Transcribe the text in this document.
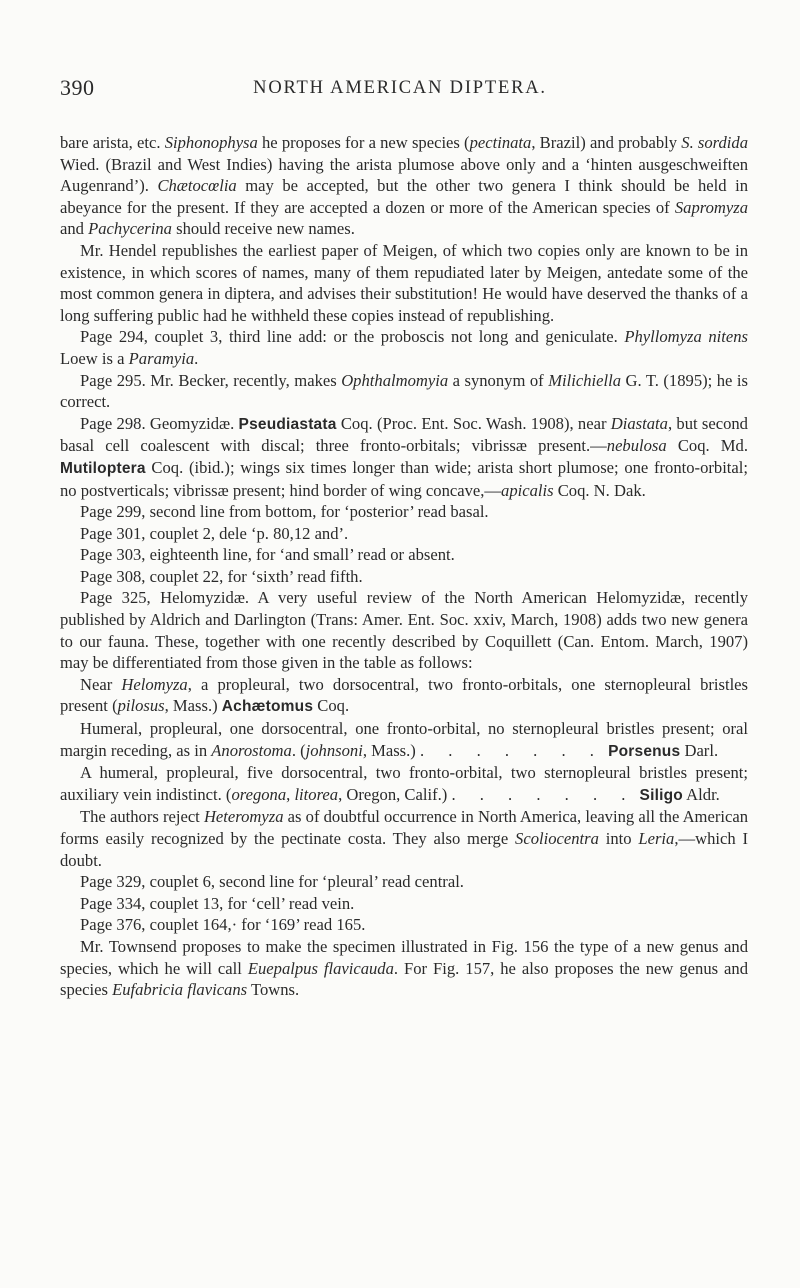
390	NORTH AMERICAN DIPTERA.

bare arista, etc. Siphonophysa he proposes for a new species (pectinata, Brazil) and probably S. sordida Wied. (Brazil and West Indies) having the arista plumose above only and a ‘hinten ausgeschweiften Augenrand’). Chætocœlia may be accepted, but the other two genera I think should be held in abeyance for the present. If they are accepted a dozen or more of the American species of Sapromyza and Pachycerina should receive new names.

Mr. Hendel republishes the earliest paper of Meigen, of which two copies only are known to be in existence, in which scores of names, many of them repudiated later by Meigen, antedate some of the most common genera in diptera, and advises their substitution! He would have deserved the thanks of a long suffering public had he withheld these copies instead of republishing.

Page 294, couplet 3, third line add: or the proboscis not long and geniculate. Phyllomyza nitens Loew is a Paramyia.

Page 295. Mr. Becker, recently, makes Ophthalmomyia a synonym of Milichiella G. T. (1895); he is correct.

Page 298. Geomyzidæ. Pseudiastata Coq. (Proc. Ent. Soc. Wash. 1908), near Diastata, but second basal cell coalescent with discal; three fronto-orbitals; vibrissæ present.—nebulosa Coq. Md. Mutiloptera Coq. (ibid.); wings six times longer than wide; arista short plumose; one fronto-orbital; no postverticals; vibrissæ present; hind border of wing concave,—apicalis Coq. N. Dak.

Page 299, second line from bottom, for ‘posterior’ read basal.

Page 301, couplet 2, dele ‘p. 80,12 and’.

Page 303, eighteenth line, for ‘and small’ read or absent.

Page 308, couplet 22, for ‘sixth’ read fifth.

Page 325, Helomyzidæ. A very useful review of the North American Helomyzidæ, recently published by Aldrich and Darlington (Trans: Amer. Ent. Soc. xxiv, March, 1908) adds two new genera to our fauna. These, together with one recently described by Coquillett (Can. Entom. March, 1907) may be differentiated from those given in the table as follows:

Near Helomyza, a propleural, two dorsocentral, two fronto-orbitals, one sternopleural bristles present (pilosus, Mass.) Achætomus Coq.

Humeral, propleural, one dorsocentral, one fronto-orbital, no sternopleural bristles present; oral margin receding, as in Anorostoma. (johnsoni, Mass.) . . . . . . . Porsenus Darl.

A humeral, propleural, five dorsocentral, two fronto-orbital, two sternopleural bristles present; auxiliary vein indistinct. (oregona, litorea, Oregon, Calif.) . . . . . . . Siligo Aldr.

The authors reject Heteromyza as of doubtful occurrence in North America, leaving all the American forms easily recognized by the pectinate costa. They also merge Scoliocentra into Leria,—which I doubt.

Page 329, couplet 6, second line for ‘pleural’ read central.

Page 334, couplet 13, for ‘cell’ read vein.

Page 376, couplet 164,· for ‘169’ read 165.

Mr. Townsend proposes to make the specimen illustrated in Fig. 156 the type of a new genus and species, which he will call Euepalpus flavicauda. For Fig. 157, he also proposes the new genus and species Eufabricia flavicans Towns.
